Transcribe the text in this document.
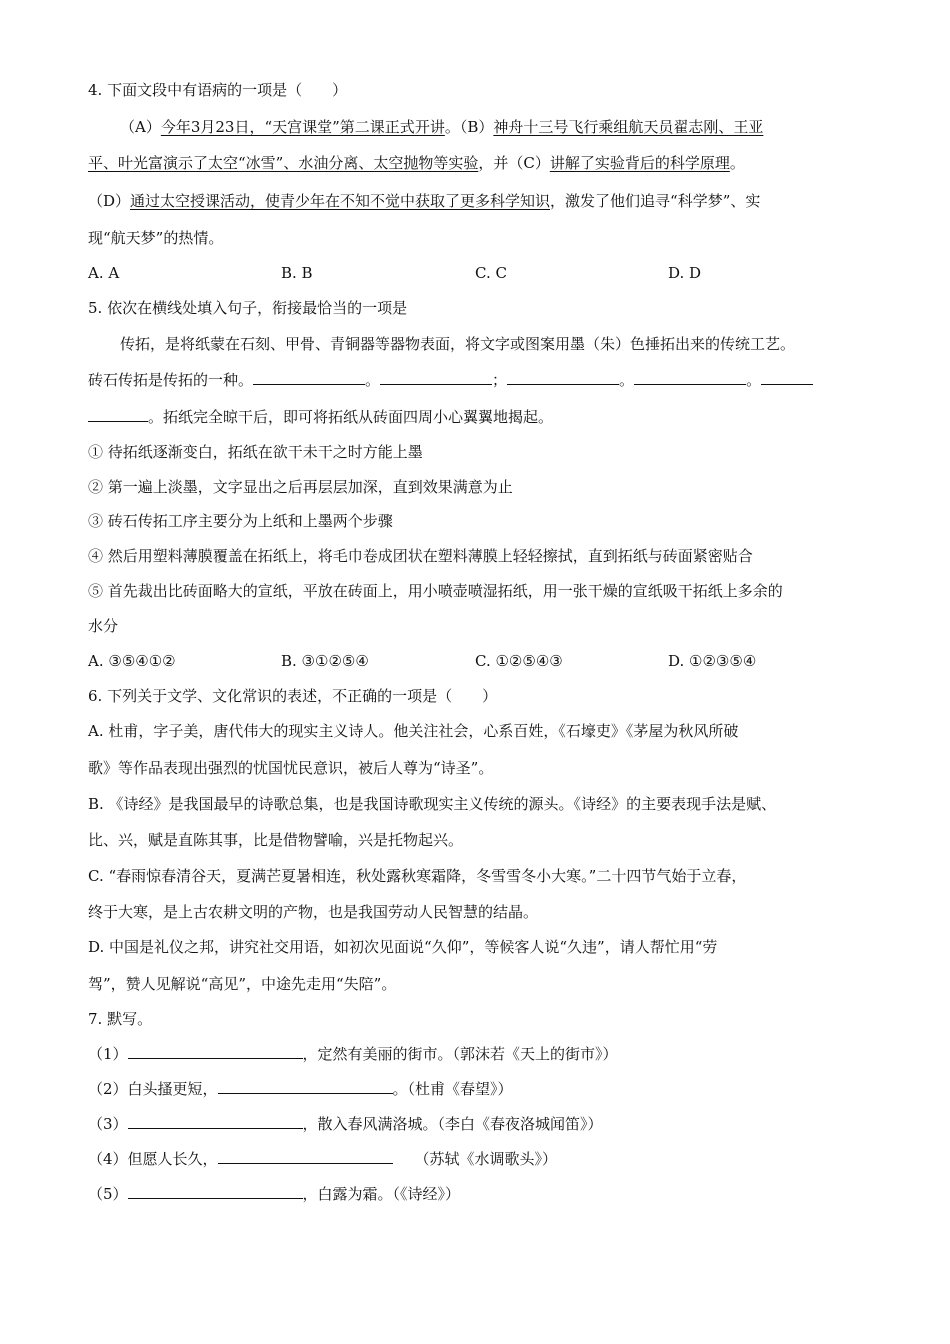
4. 下面文段中有语病的一项是（　　）
（A）今年3月23日，“天宫课堂”第二课正式开讲。（B）神舟十三号飞行乘组航天员翟志刚、王亚
平、叶光富演示了太空“冰雪”、水油分离、太空抛物等实验，并（C）讲解了实验背后的科学原理。
（D）通过太空授课活动，使青少年在不知不觉中获取了更多科学知识，激发了他们追寻“科学梦”、实
现“航天梦”的热情。
A. A	B. B	C. C	D. D
5. 依次在横线处填入句子，衔接最恰当的一项是
传拓，是将纸蒙在石刻、甲骨、青铜器等器物表面，将文字或图案用墨（朱）色捶拓出来的传统工艺。
砖石传拓是传拓的一种。	。	；	。	。
。拓纸完全晾干后，即可将拓纸从砖面四周小心翼翼地揭起。
① 待拓纸逐渐变白，拓纸在欲干未干之时方能上墨
② 第一遍上淡墨，文字显出之后再层层加深，直到效果满意为止
③ 砖石传拓工序主要分为上纸和上墨两个步骤
④ 然后用塑料薄膜覆盖在拓纸上，将毛巾卷成团状在塑料薄膜上轻轻擦拭，直到拓纸与砖面紧密贴合
⑤ 首先裁出比砖面略大的宣纸，平放在砖面上，用小喷壶喷湿拓纸，用一张干燥的宣纸吸干拓纸上多余的
水分
A. ③⑤④①②	B. ③①②⑤④	C. ①②⑤④③	D. ①②③⑤④
6. 下列关于文学、文化常识的表述，不正确的一项是（　　）
A. 杜甫，字子美，唐代伟大的现实主义诗人。他关注社会，心系百姓，《石壕吏》《茅屋为秋风所破
歌》等作品表现出强烈的忧国忧民意识，被后人尊为“诗圣”。
B. 《诗经》是我国最早的诗歌总集，也是我国诗歌现实主义传统的源头。《诗经》的主要表现手法是赋、
比、兴，赋是直陈其事，比是借物譬喻，兴是托物起兴。
C. “春雨惊春清谷天，夏满芒夏暑相连，秋处露秋寒霜降，冬雪雪冬小大寒。”二十四节气始于立春，
终于大寒，是上古农耕文明的产物，也是我国劳动人民智慧的结晶。
D. 中国是礼仪之邦，讲究社交用语，如初次见面说“久仰”，等候客人说“久违”，请人帮忙用“劳
驾”，赞人见解说“高见”，中途先走用“失陪”。
7. 默写。
（1）	，定然有美丽的街市。（郭沫若《天上的街市》）
（2）白头搔更短，	。（杜甫《春望》）
（3）	，散入春风满洛城。（李白《春夜洛城闻笛》）
（4）但愿人长久，	（苏轼《水调歌头》）
（5）	，白露为霜。（《诗经》）
